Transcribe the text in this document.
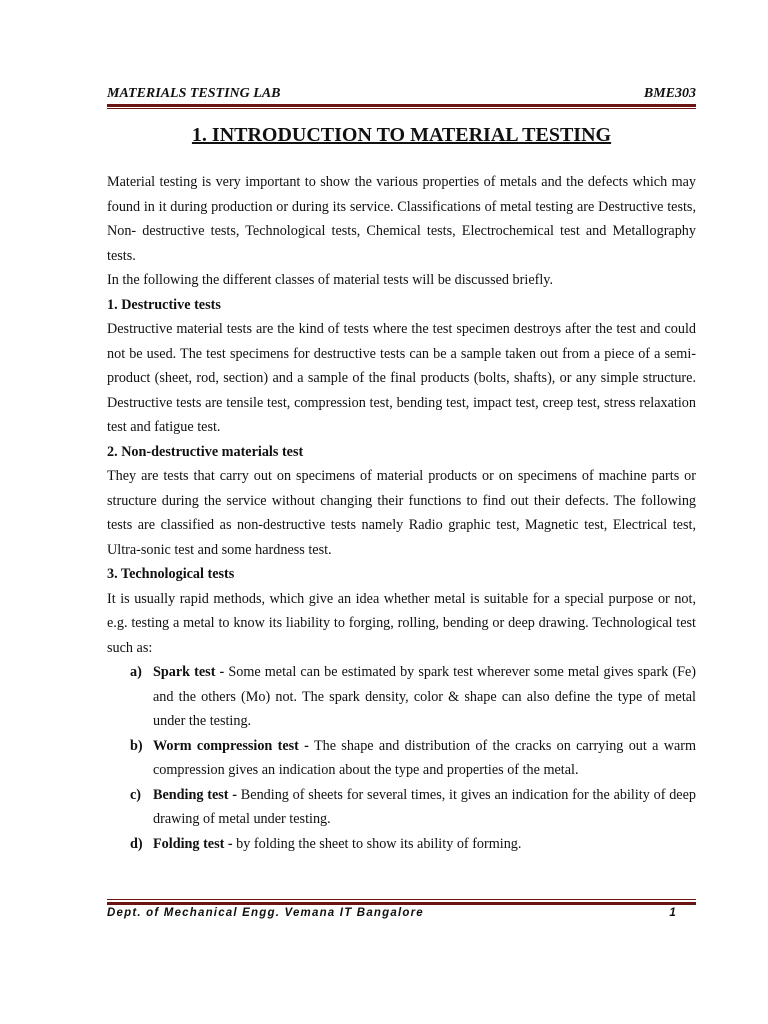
MATERIALS TESTING LAB	BME303
1. INTRODUCTION TO MATERIAL TESTING

Material testing is very important to show the various properties of metals and the defects which may found in it during production or during its service. Classifications of metal testing are Destructive tests, Non- destructive tests, Technological tests, Chemical tests, Electrochemical test and Metallography tests.

In the following the different classes of material tests will be discussed briefly.

1. Destructive tests

Destructive material tests are the kind of tests where the test specimen destroys after the test and could not be used. The test specimens for destructive tests can be a sample taken out from a piece of a semi-product (sheet, rod, section) and a sample of the final products (bolts, shafts), or any simple structure. Destructive tests are tensile test, compression test, bending test, impact test, creep test, stress relaxation test and fatigue test.

2. Non-destructive materials test

They are tests that carry out on specimens of material products or on specimens of machine parts or structure during the service without changing their functions to find out their defects. The following tests are classified as non-destructive tests namely Radio graphic test, Magnetic test, Electrical test, Ultra-sonic test and some hardness test.

3. Technological tests

It is usually rapid methods, which give an idea whether metal is suitable for a special purpose or not, e.g. testing a metal to know its liability to forging, rolling, bending or deep drawing. Technological test such as:

a) Spark test - Some metal can be estimated by spark test wherever some metal gives spark (Fe) and the others (Mo) not. The spark density, color & shape can also define the type of metal under the testing.
b) Worm compression test - The shape and distribution of the cracks on carrying out a warm compression gives an indication about the type and properties of the metal.
c) Bending test - Bending of sheets for several times, it gives an indication for the ability of deep drawing of metal under testing.
d) Folding test - by folding the sheet to show its ability of forming.
Dept. of Mechanical Engg. Vemana IT Bangalore	1
